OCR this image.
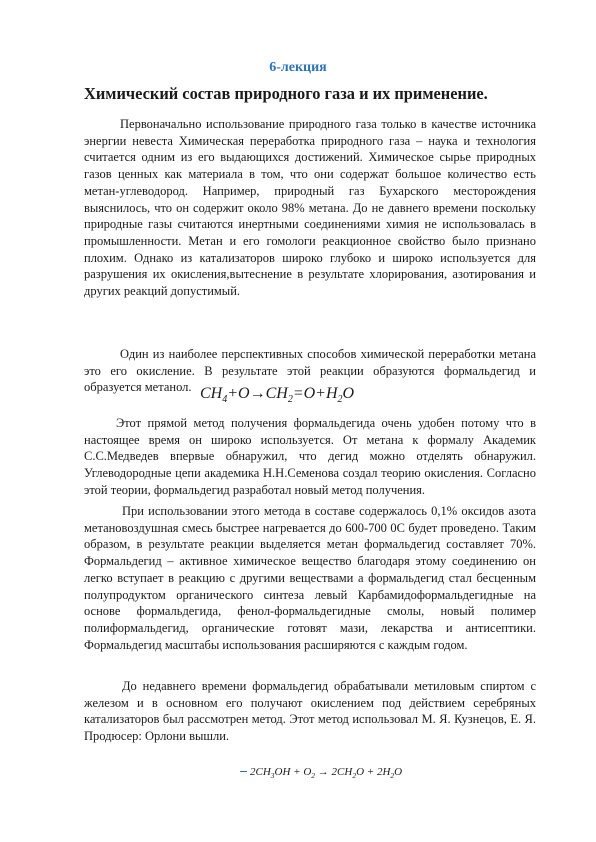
6-лекция
Химический состав природного газа и их применение.

Первоначально использование природного газа только в качестве источника энергии невеста Химическая переработка природного газа – наука и технология считается одним из его выдающихся достижений. Химическое сырье природных газов ценных как материала в том, что они содержат большое количество есть метан-углеводород. Например, природный газ Бухарского месторождения выяснилось, что он содержит около 98% метана. До не давнего времени поскольку природные газы считаются инертными соединениями химия не использовалась в промышленности. Метан и его гомологи реакционное свойство было признано плохим. Однако из катализаторов широко глубоко и широко используется для разрушения их окисления,вытеснение в результате хлорирования, азотирования и других реакций допустимый.

Один из наиболее перспективных способов химической переработки метана это его окисление. В результате этой реакции образуются формальдегид и образуется метанол. $CH_4+O\to CH_2=O+H_2O$

Этот прямой метод получения формальдегида очень удобен потому что в настоящее время он широко используется. От метана к формалу Академик С.С.Медведев впервые обнаружил, что дегид можно отделять обнаружил. Углеводородные цепи академика Н.Н.Семенова создал теорию окисления. Согласно этой теории, формальдегид разработал новый метод получения.

При использовании этого метода в составе содержалось 0,1% оксидов азота метановоздушная смесь быстрее нагревается до 600-700 0С будет проведено. Таким образом, в результате реакции выделяется метан формальдегид составляет 70%. Формальдегид – активное химическое вещество благодаря этому соединению он легко вступает в реакцию с другими веществами а формальдегид стал бесценным полупродуктом органического синтеза левый Карбамидоформальдегидные на основе формальдегида, фенол-формальдегидные смолы, новый полимер полиформальдегид, органические готовят мази, лекарства и антисептики. Формальдегид масштабы использования расширяются с каждым годом.

До недавнего времени формальдегид обрабатывали метиловым спиртом с железом и в основном его получают окислением под действием серебряных катализаторов был рассмотрен метод. Этот метод использовал М. Я. Кузнецов, Е. Я. Продюсер: Орлони вышли.

$2CH_3OH + O_2 \to 2CH_2O + 2H_2O$
